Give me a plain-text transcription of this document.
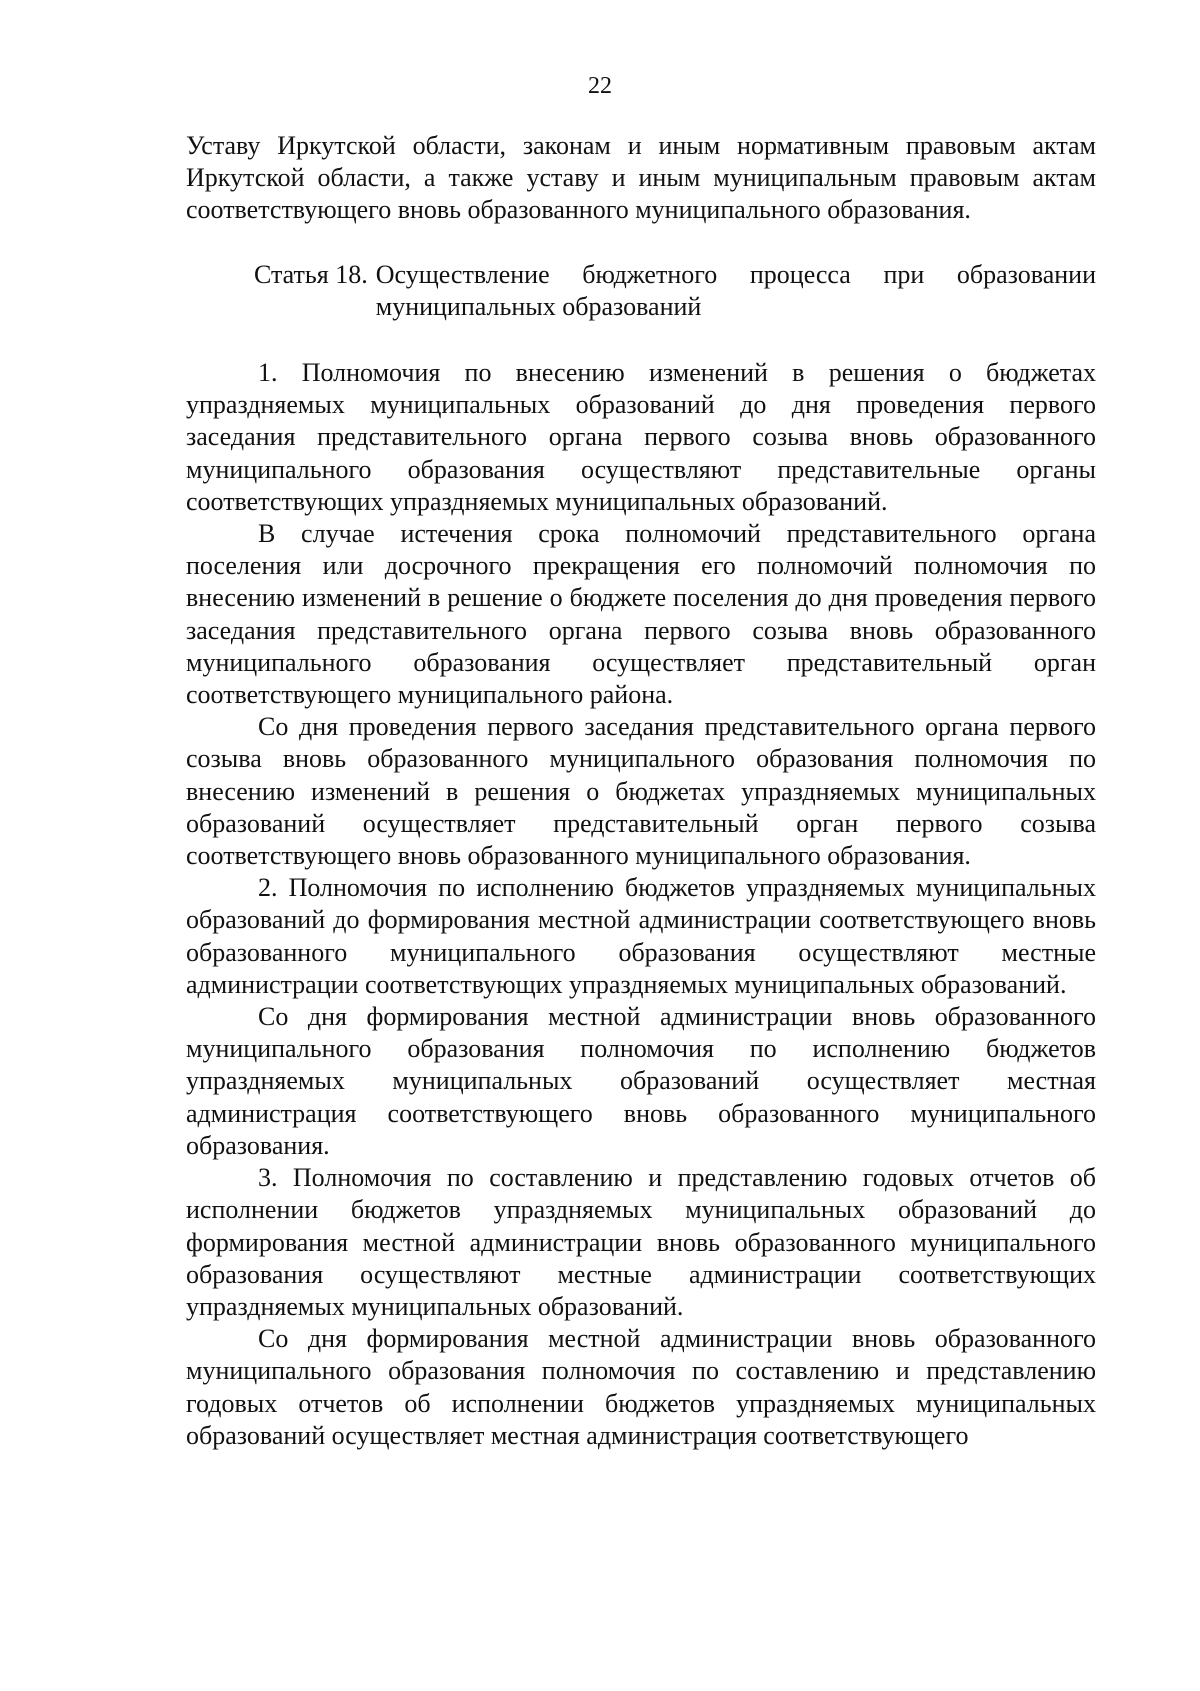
22

Уставу Иркутской области, законам и иным нормативным правовым актам Иркутской области, а также уставу и иным муниципальным правовым актам соответствующего вновь образованного муниципального образования.

Статья 18. Осуществление бюджетного процесса при образовании муниципальных образований

1. Полномочия по внесению изменений в решения о бюджетах упраздняемых муниципальных образований до дня проведения первого заседания представительного органа первого созыва вновь образованного муниципального образования осуществляют представительные органы соответствующих упраздняемых муниципальных образований.

В случае истечения срока полномочий представительного органа поселения или досрочного прекращения его полномочий полномочия по внесению изменений в решение о бюджете поселения до дня проведения первого заседания представительного органа первого созыва вновь образованного муниципального образования осуществляет представительный орган соответствующего муниципального района.

Со дня проведения первого заседания представительного органа первого созыва вновь образованного муниципального образования полномочия по внесению изменений в решения о бюджетах упраздняемых муниципальных образований осуществляет представительный орган первого созыва соответствующего вновь образованного муниципального образования.

2. Полномочия по исполнению бюджетов упраздняемых муниципальных образований до формирования местной администрации соответствующего вновь образованного муниципального образования осуществляют местные администрации соответствующих упраздняемых муниципальных образований.

Со дня формирования местной администрации вновь образованного муниципального образования полномочия по исполнению бюджетов упраздняемых муниципальных образований осуществляет местная администрация соответствующего вновь образованного муниципального образования.

3. Полномочия по составлению и представлению годовых отчетов об исполнении бюджетов упраздняемых муниципальных образований до формирования местной администрации вновь образованного муниципального образования осуществляют местные администрации соответствующих упраздняемых муниципальных образований.

Со дня формирования местной администрации вновь образованного муниципального образования полномочия по составлению и представлению годовых отчетов об исполнении бюджетов упраздняемых муниципальных образований осуществляет местная администрация соответствующего
